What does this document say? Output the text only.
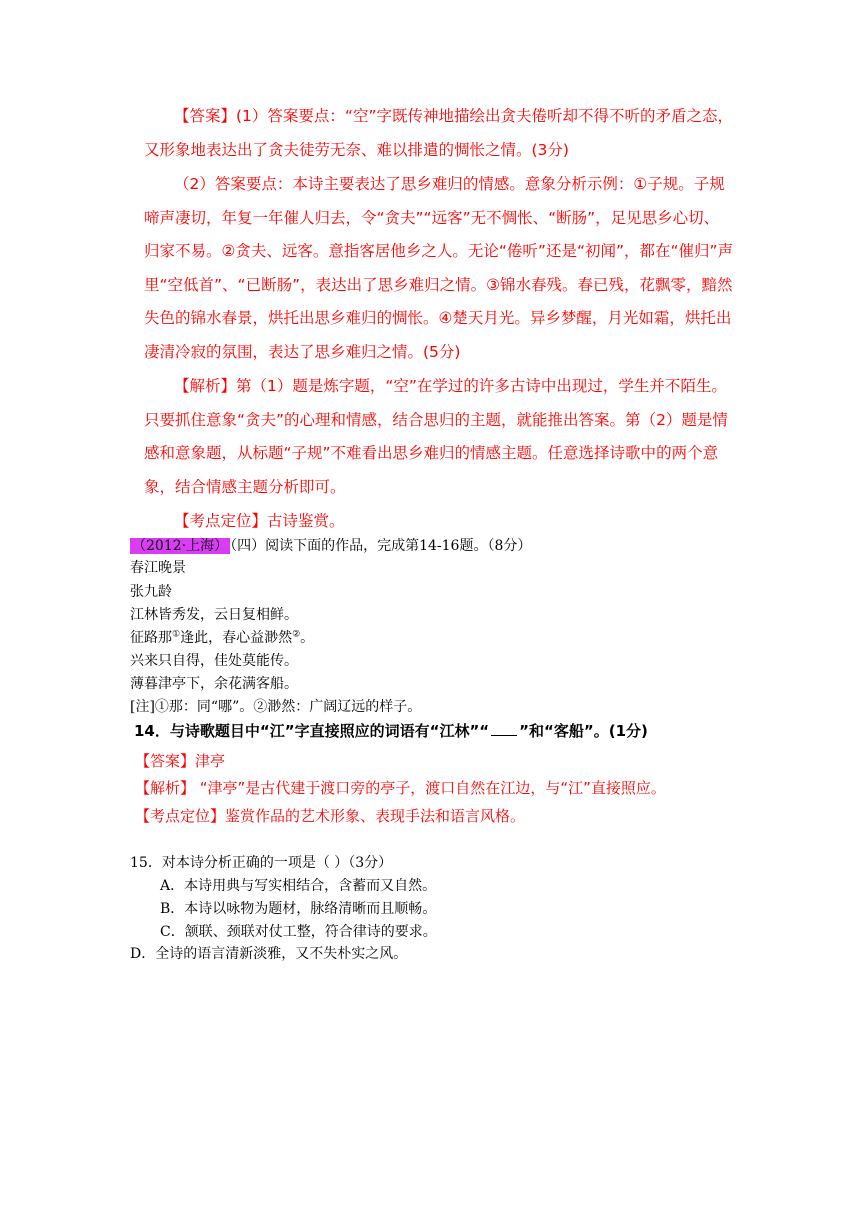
【答案】(1）答案要点：“空”字既传神地描绘出贪夫倦听却不得不听的矛盾之态，又形象地表达出了贪夫徒劳无奈、难以排遣的惆怅之情。(3分)
（2）答案要点：本诗主要表达了思乡难归的情感。意象分析示例：①子规。子规啼声凄切，年复一年催人归去，令“贪夫”“远客”无不惆怅、“断肠”，足见思乡心切、归家不易。②贪夫、远客。意指客居他乡之人。无论“倦听”还是“初闻”，都在“催归”声里“空低首”、“已断肠”，表达出了思乡难归之情。③锦水春残。春已残，花飘零，黯然失色的锦水春景，烘托出思乡难归的惆怅。④楚天月光。异乡梦醒，月光如霜，烘托出凄清冷寂的氛围，表达了思乡难归之情。(5分)
【解析】第（1）题是炼字题，“空”在学过的许多古诗中出现过，学生并不陌生。只要抓住意象“贪夫”的心理和情感，结合思归的主题，就能推出答案。第（2）题是情感和意象题，从标题“子规”不难看出思乡难归的情感主题。任意选择诗歌中的两个意象，结合情感主题分析即可。
【考点定位】古诗鉴赏。
（2012·上海） （四）阅读下面的作品，完成第14-16题。（8分）
春江晚景
张九龄
江林皆秀发，云日复相鲜。
征路那①逢此，春心益渺然②。
兴来只自得，佳处莫能传。
薄暮津亭下，余花满客船。
[注]①那：同“哪”。②渺然：广阔辽远的样子。
14．与诗歌题目中“江”字直接照应的词语有“江林”“ ”和“客船”。(1分)
【答案】津亭
【解析】 “津亭”是古代建于渡口旁的亭子，渡口自然在江边，与“江”直接照应。
【考点定位】鉴赏作品的艺术形象、表现手法和语言风格。
15．对本诗分析正确的一项是（ ）（3分）
A．本诗用典与写实相结合，含蓄而又自然。
B．本诗以咏物为题材，脉络清晰而且顺畅。
C．颔联、颈联对仗工整，符合律诗的要求。
D．全诗的语言清新淡雅，又不失朴实之风。
